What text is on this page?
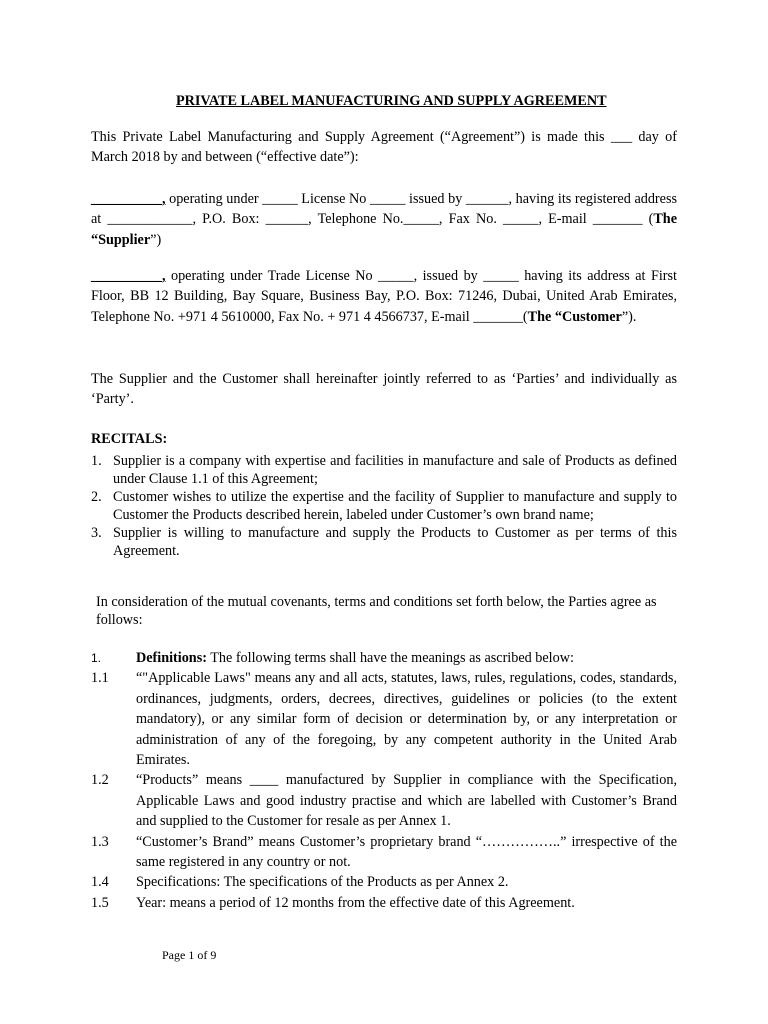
PRIVATE LABEL MANUFACTURING AND SUPPLY AGREEMENT

This Private Label Manufacturing and Supply Agreement (“Agreement”) is made this ___ day of March 2018 by and between (“effective date”):

__________, operating under _____ License No _____ issued by ______, having its registered address at ____________, P.O. Box: ______, Telephone No._____, Fax No. _____, E-mail _______ (The “Supplier”)

__________, operating under Trade License No _____, issued by _____ having its address at First Floor, BB 12 Building, Bay Square, Business Bay, P.O. Box: 71246, Dubai, United Arab Emirates, Telephone No. +971 4 5610000, Fax No. + 971 4 4566737, E-mail _______(The “Customer”).

The Supplier and the Customer shall hereinafter jointly referred to as ‘Parties’ and individually as ‘Party’.

RECITALS:

1. Supplier is a company with expertise and facilities in manufacture and sale of Products as defined under Clause 1.1 of this Agreement;
2. Customer wishes to utilize the expertise and the facility of Supplier to manufacture and supply to Customer the Products described herein, labeled under Customer’s own brand name;
3. Supplier is willing to manufacture and supply the Products to Customer as per terms of this Agreement.

In consideration of the mutual covenants, terms and conditions set forth below, the Parties agree as follows:

1. Definitions: The following terms shall have the meanings as ascribed below:
1.1 “"Applicable Laws" means any and all acts, statutes, laws, rules, regulations, codes, standards, ordinances, judgments, orders, decrees, directives, guidelines or policies (to the extent mandatory), or any similar form of decision or determination by, or any interpretation or administration of any of the foregoing, by any competent authority in the United Arab Emirates.
1.2 “Products” means ____ manufactured by Supplier in compliance with the Specification, Applicable Laws and good industry practise and which are labelled with Customer’s Brand and supplied to the Customer for resale as per Annex 1.
1.3 “Customer’s Brand” means Customer’s proprietary brand “……………..” irrespective of the same registered in any country or not.
1.4 Specifications: The specifications of the Products as per Annex 2.
1.5 Year: means a period of 12 months from the effective date of this Agreement.

Page 1 of 9
